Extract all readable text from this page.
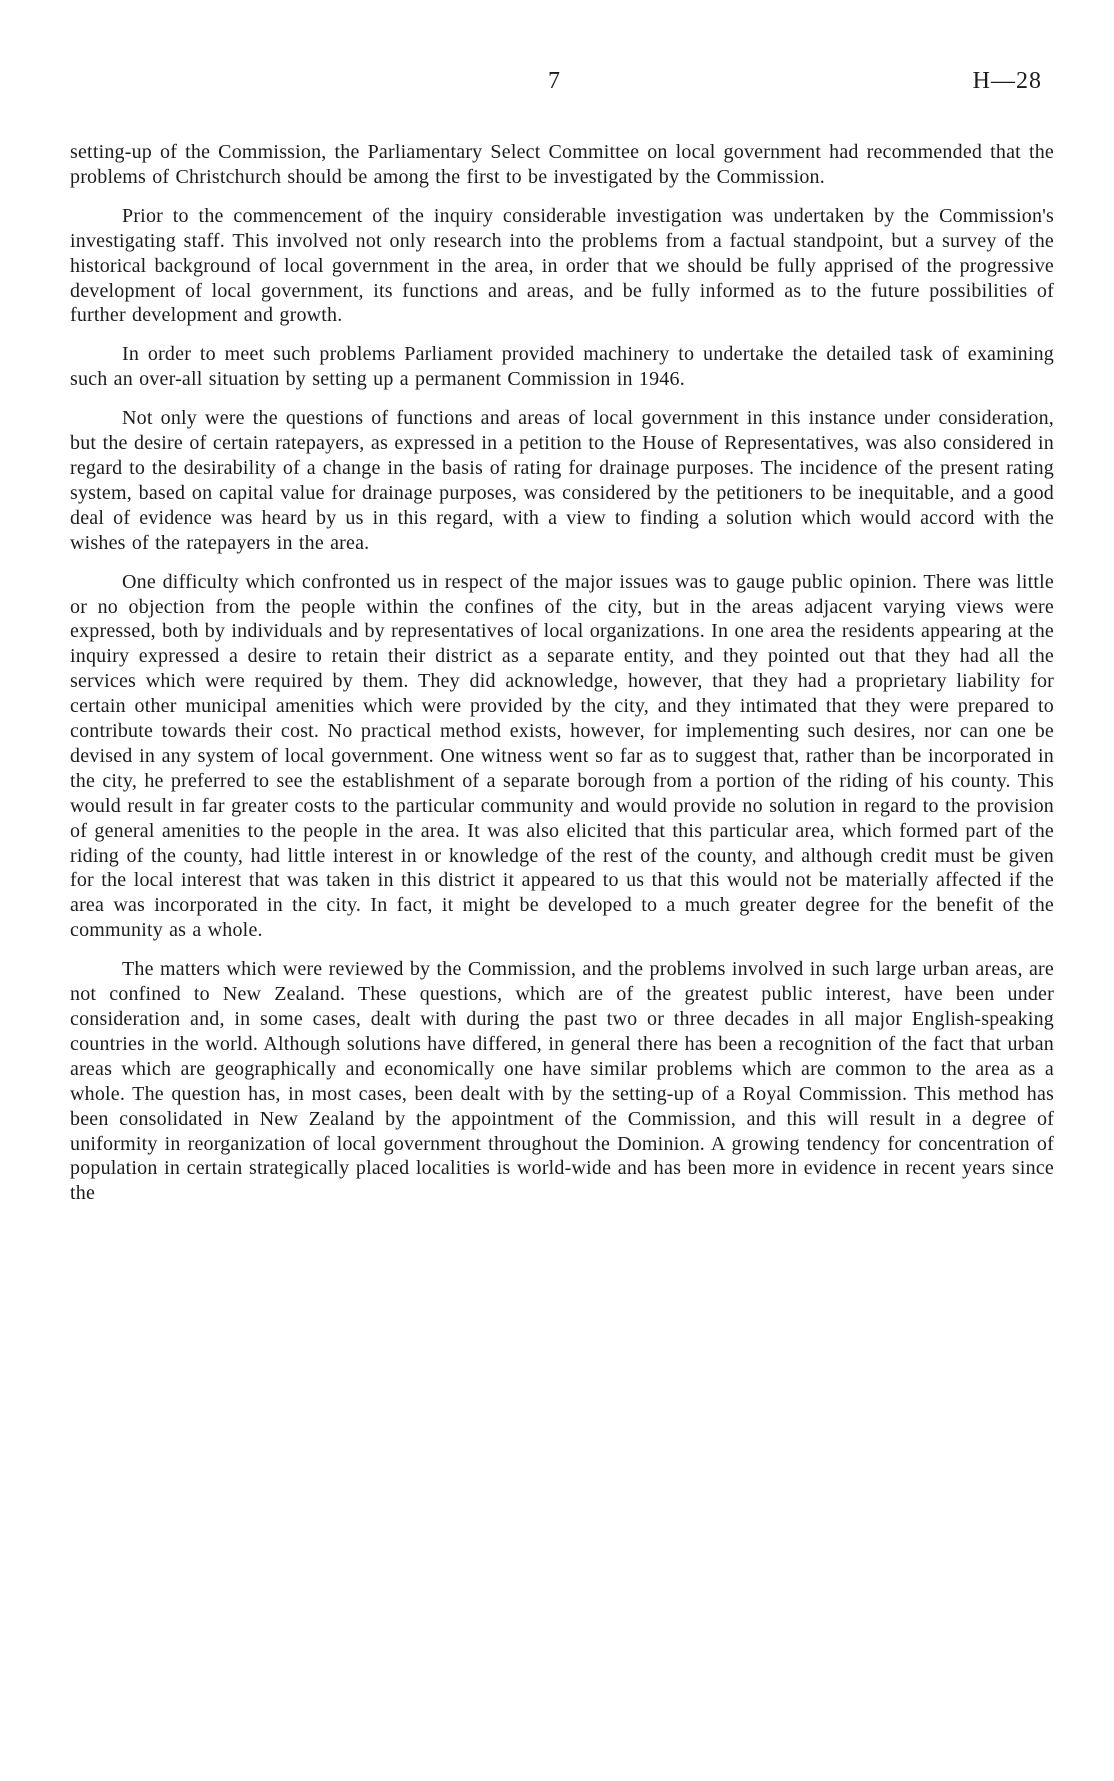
7	H—28

setting-up of the Commission, the Parliamentary Select Committee on local government had recommended that the problems of Christchurch should be among the first to be investigated by the Commission.

Prior to the commencement of the inquiry considerable investigation was undertaken by the Commission's investigating staff. This involved not only research into the problems from a factual standpoint, but a survey of the historical background of local government in the area, in order that we should be fully apprised of the progressive development of local government, its functions and areas, and be fully informed as to the future possibilities of further development and growth.

In order to meet such problems Parliament provided machinery to undertake the detailed task of examining such an over-all situation by setting up a permanent Commission in 1946.

Not only were the questions of functions and areas of local government in this instance under consideration, but the desire of certain ratepayers, as expressed in a petition to the House of Representatives, was also considered in regard to the desirability of a change in the basis of rating for drainage purposes. The incidence of the present rating system, based on capital value for drainage purposes, was considered by the petitioners to be inequitable, and a good deal of evidence was heard by us in this regard, with a view to finding a solution which would accord with the wishes of the ratepayers in the area.

One difficulty which confronted us in respect of the major issues was to gauge public opinion. There was little or no objection from the people within the confines of the city, but in the areas adjacent varying views were expressed, both by individuals and by representatives of local organizations. In one area the residents appearing at the inquiry expressed a desire to retain their district as a separate entity, and they pointed out that they had all the services which were required by them. They did acknowledge, however, that they had a proprietary liability for certain other municipal amenities which were provided by the city, and they intimated that they were prepared to contribute towards their cost. No practical method exists, however, for implementing such desires, nor can one be devised in any system of local government. One witness went so far as to suggest that, rather than be incorporated in the city, he preferred to see the establishment of a separate borough from a portion of the riding of his county. This would result in far greater costs to the particular community and would provide no solution in regard to the provision of general amenities to the people in the area. It was also elicited that this particular area, which formed part of the riding of the county, had little interest in or knowledge of the rest of the county, and although credit must be given for the local interest that was taken in this district it appeared to us that this would not be materially affected if the area was incorporated in the city. In fact, it might be developed to a much greater degree for the benefit of the community as a whole.

The matters which were reviewed by the Commission, and the problems involved in such large urban areas, are not confined to New Zealand. These questions, which are of the greatest public interest, have been under consideration and, in some cases, dealt with during the past two or three decades in all major English-speaking countries in the world. Although solutions have differed, in general there has been a recognition of the fact that urban areas which are geographically and economically one have similar problems which are common to the area as a whole. The question has, in most cases, been dealt with by the setting-up of a Royal Commission. This method has been consolidated in New Zealand by the appointment of the Commission, and this will result in a degree of uniformity in reorganization of local government throughout the Dominion. A growing tendency for concentration of population in certain strategically placed localities is world-wide and has been more in evidence in recent years since the
